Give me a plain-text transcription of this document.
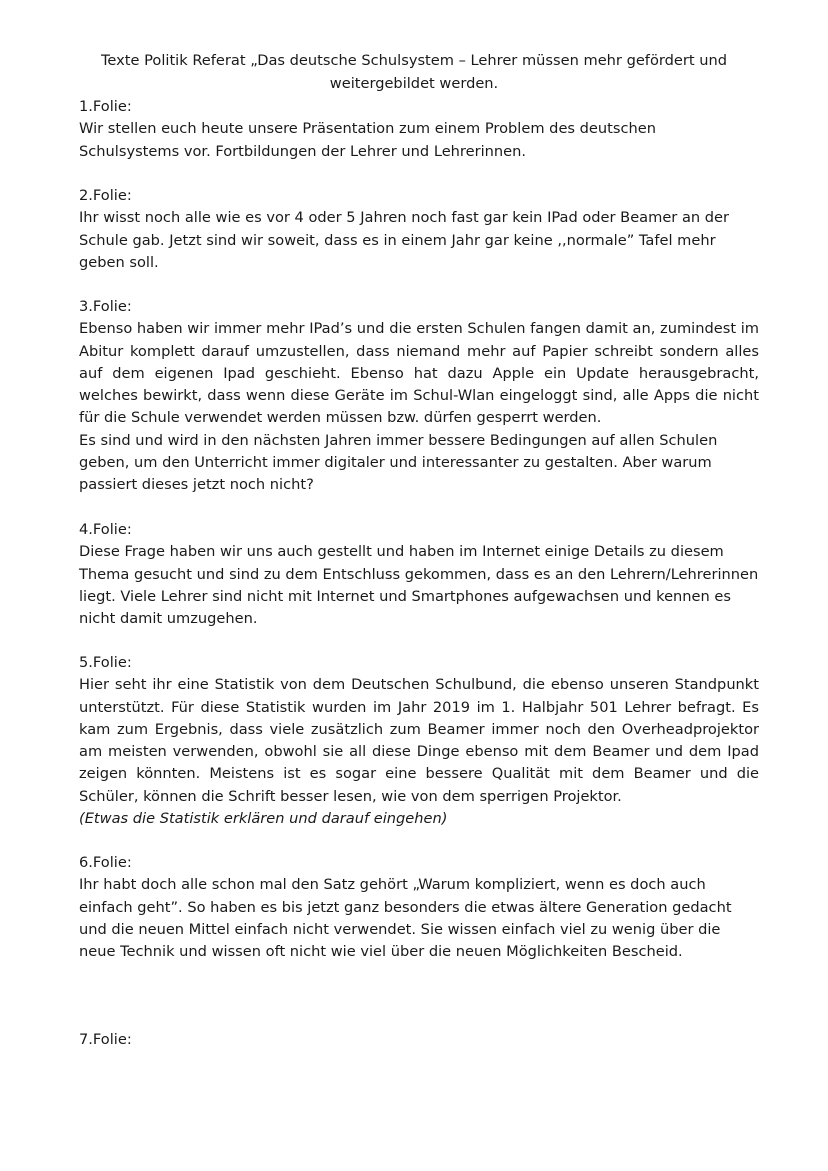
Texte Politik Referat „Das deutsche Schulsystem – Lehrer müssen mehr gefördert und
weitergebildet werden.

1.Folie:

Wir stellen euch heute unsere Präsentation zum einem Problem des deutschen Schulsystems vor. Fortbildungen der Lehrer und Lehrerinnen.

2.Folie:

Ihr wisst noch alle wie es vor 4 oder 5 Jahren noch fast gar kein IPad oder Beamer an der Schule gab. Jetzt sind wir soweit, dass es in einem Jahr gar keine ,,normale” Tafel mehr geben soll.

3.Folie:

Ebenso haben wir immer mehr IPad’s und die ersten Schulen fangen damit an, zumindest im Abitur komplett darauf umzustellen, dass niemand mehr auf Papier schreibt sondern alles auf dem eigenen Ipad geschieht. Ebenso hat dazu Apple ein Update herausgebracht, welches bewirkt, dass wenn diese Geräte im Schul-Wlan eingeloggt sind, alle Apps die nicht für die Schule verwendet werden müssen bzw. dürfen gesperrt werden.

Es sind und wird in den nächsten Jahren immer bessere Bedingungen auf allen Schulen geben, um den Unterricht immer digitaler und interessanter zu gestalten. Aber warum passiert dieses jetzt noch nicht?

4.Folie:

Diese Frage haben wir uns auch gestellt und haben im Internet einige Details zu diesem Thema gesucht und sind zu dem Entschluss gekommen, dass es an den Lehrern/Lehrerinnen liegt. Viele Lehrer sind nicht mit Internet und Smartphones aufgewachsen und kennen es nicht damit umzugehen.

5.Folie:

Hier seht ihr eine Statistik von dem Deutschen Schulbund, die ebenso unseren Standpunkt unterstützt. Für diese Statistik wurden im Jahr 2019 im 1. Halbjahr 501 Lehrer befragt. Es kam zum Ergebnis, dass viele zusätzlich zum Beamer immer noch den Overheadprojektor am meisten verwenden, obwohl sie all diese Dinge ebenso mit dem Beamer und dem Ipad zeigen könnten. Meistens ist es sogar eine bessere Qualität mit dem Beamer und die Schüler, können die Schrift besser lesen, wie von dem sperrigen Projektor.

(Etwas die Statistik erklären und darauf eingehen)

6.Folie:

Ihr habt doch alle schon mal den Satz gehört „Warum kompliziert, wenn es doch auch einfach geht”. So haben es bis jetzt ganz besonders die etwas ältere Generation gedacht und die neuen Mittel einfach nicht verwendet. Sie wissen einfach viel zu wenig über die neue Technik und wissen oft nicht wie viel über die neuen Möglichkeiten Bescheid.

7.Folie:
